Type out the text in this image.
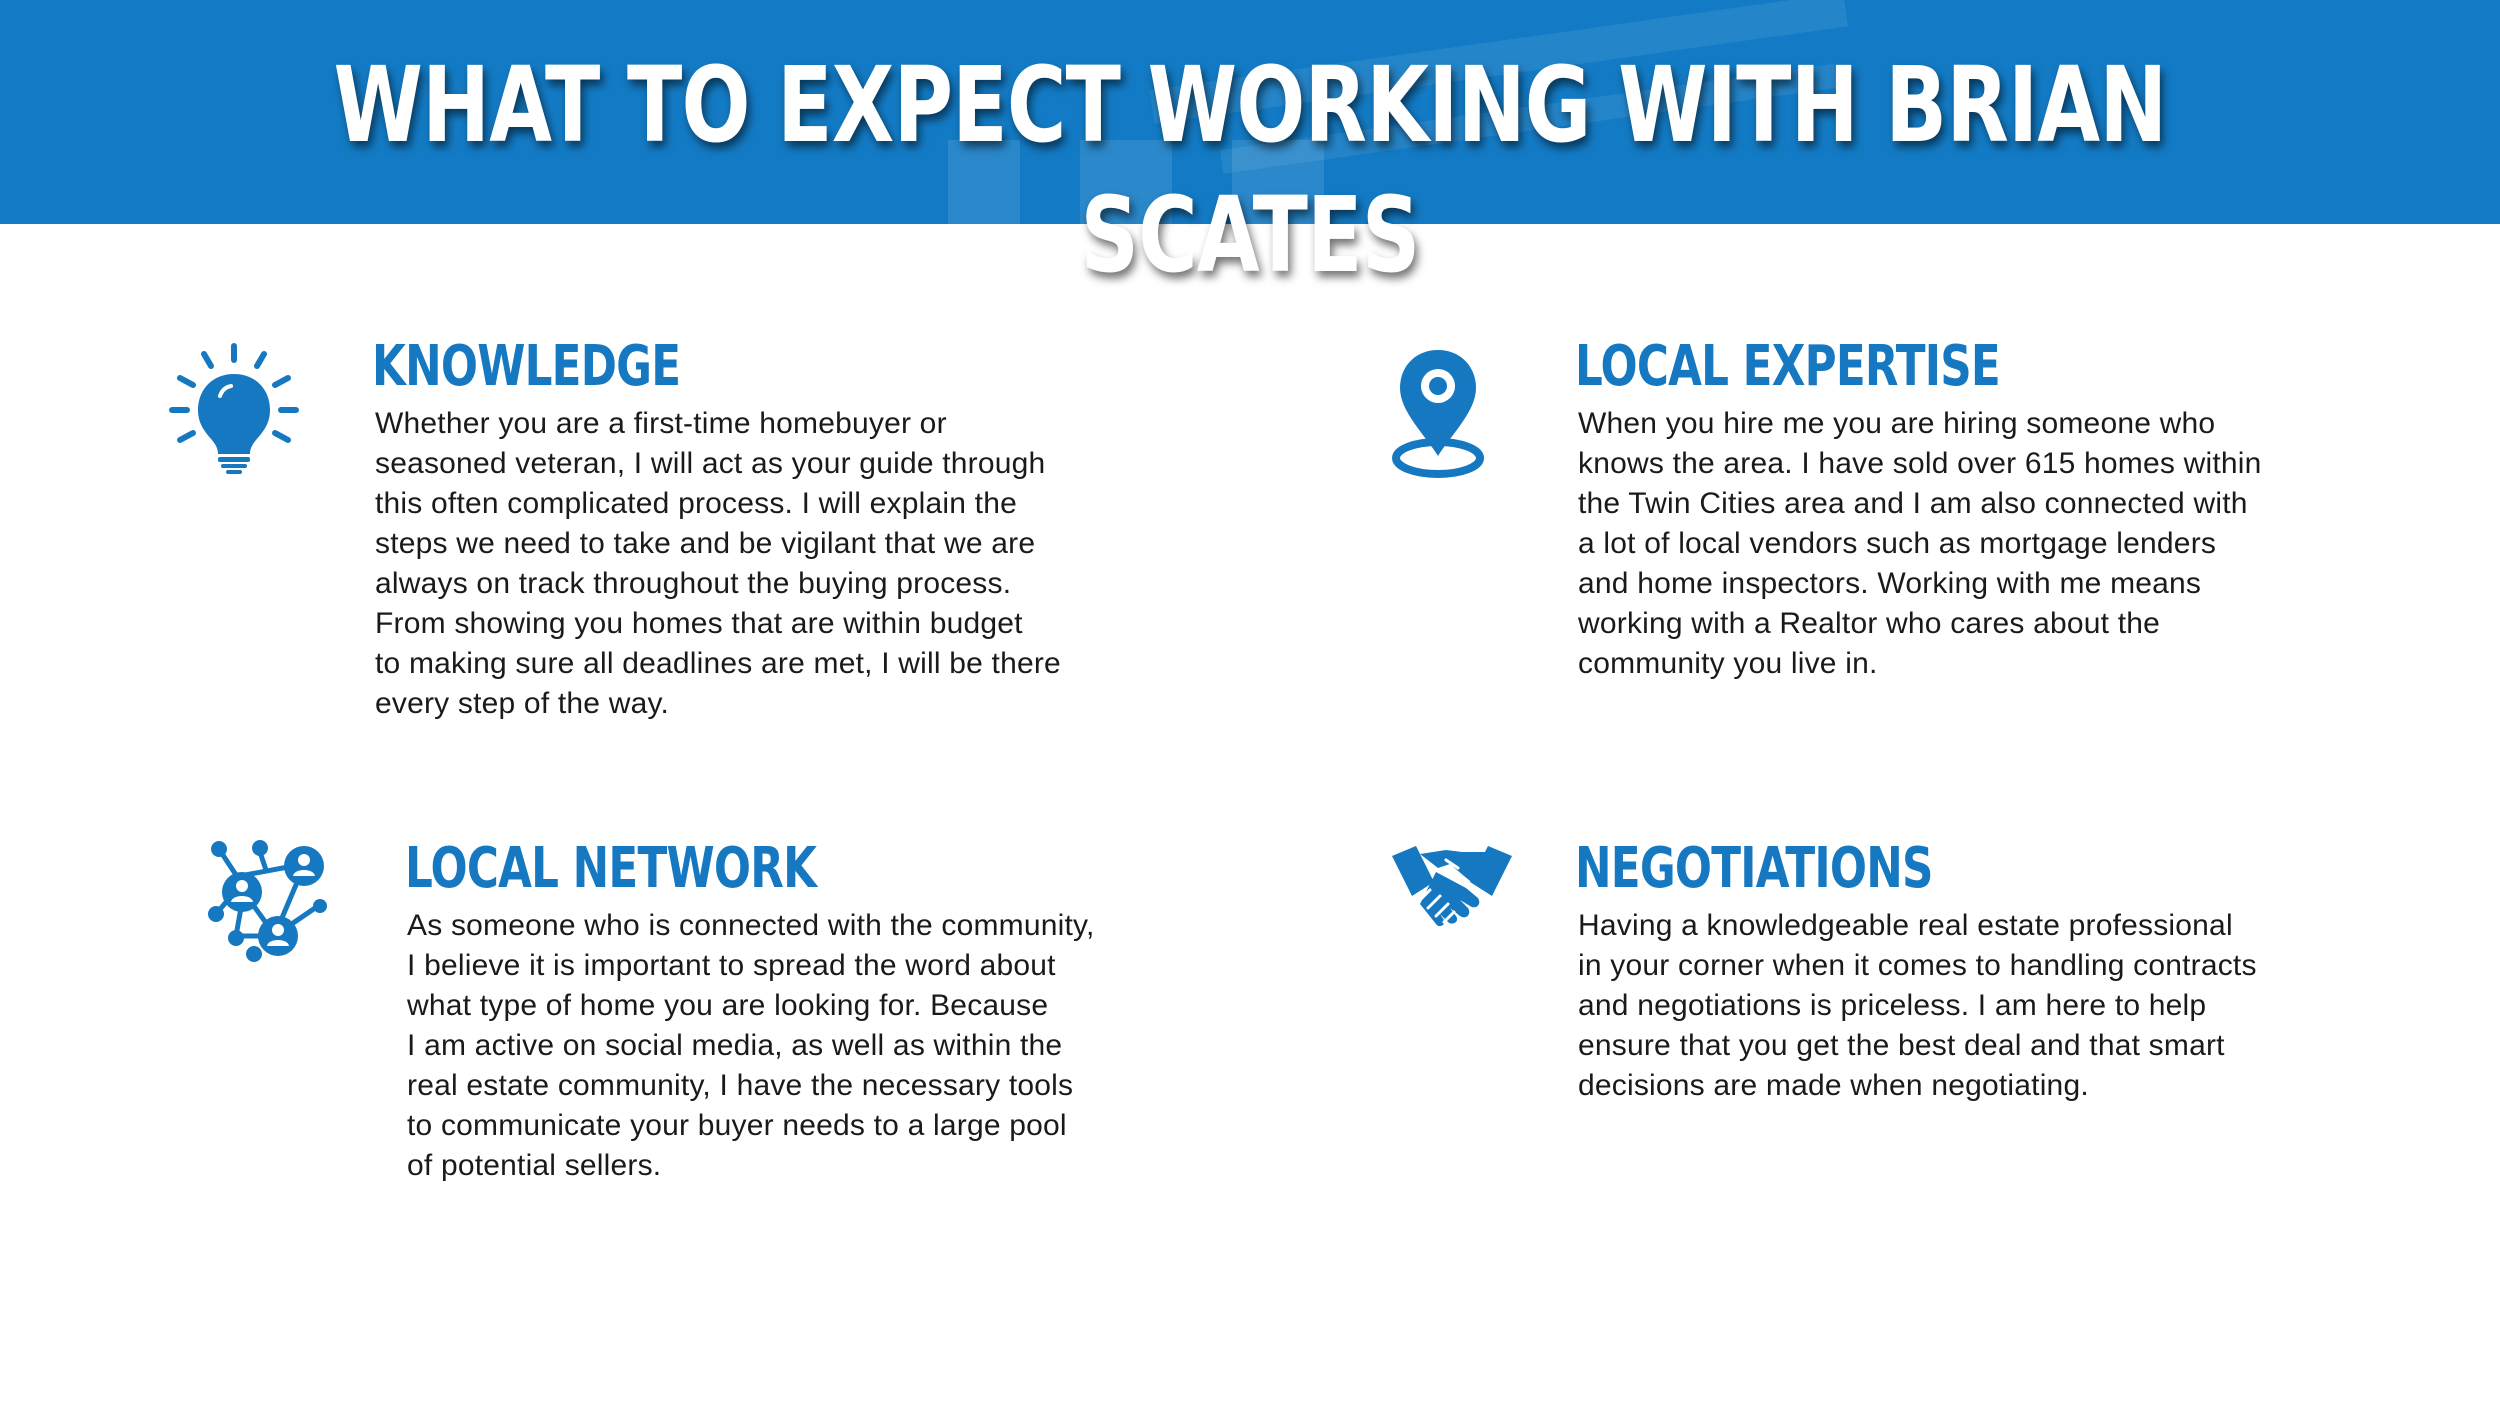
WHAT TO EXPECT WORKING WITH BRIAN SCATES
KNOWLEDGE

Whether you are a first-time homebuyer or
seasoned veteran, I will act as your guide through
this often complicated process. I will explain the
steps we need to take and be vigilant that we are
always on track throughout the buying process.
From showing you homes that are within budget
to making sure all deadlines are met, I will be there
every step of the way.

LOCAL EXPERTISE

When you hire me you are hiring someone who
knows the area. I have sold over 615 homes within
the Twin Cities area and I am also connected with
a lot of local vendors such as mortgage lenders
and home inspectors. Working with me means
working with a Realtor who cares about the
community you live in.

LOCAL NETWORK

As someone who is connected with the community,
I believe it is important to spread the word about
what type of home you are looking for. Because
I am active on social media, as well as within the
real estate community, I have the necessary tools
to communicate your buyer needs to a large pool
of potential sellers.

NEGOTIATIONS

Having a knowledgeable real estate professional
in your corner when it comes to handling contracts
and negotiations is priceless. I am here to help
ensure that you get the best deal and that smart
decisions are made when negotiating.
